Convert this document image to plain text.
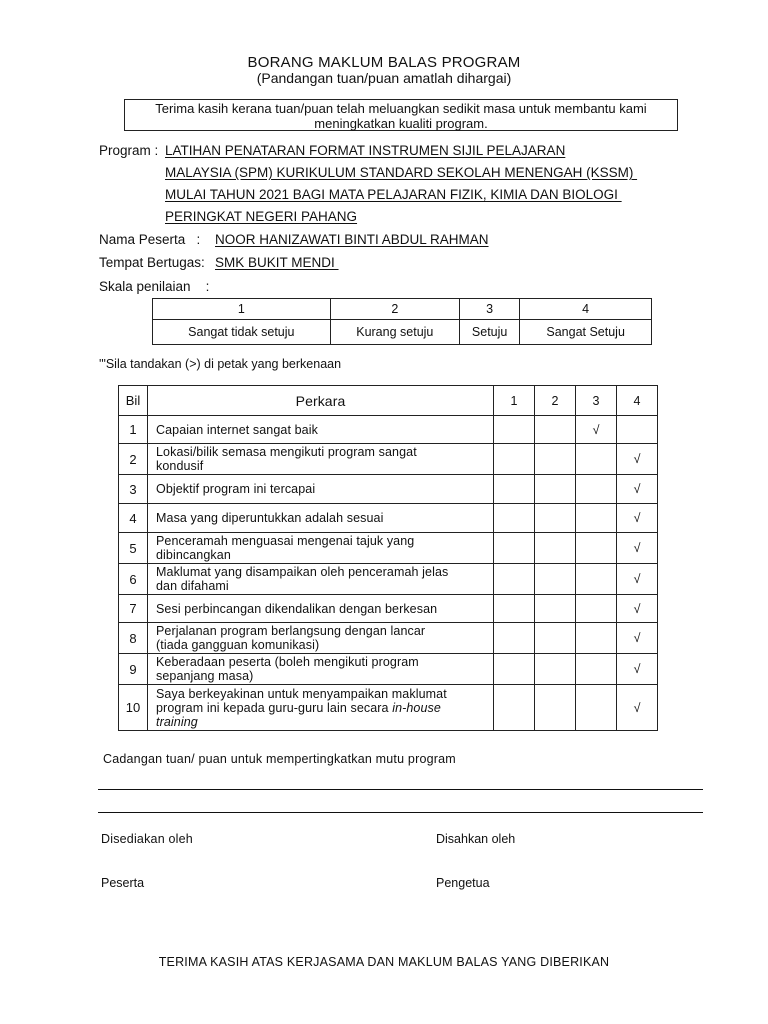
BORANG MAKLUM BALAS PROGRAM
(Pandangan tuan/puan amatlah dihargai)
Terima kasih kerana tuan/puan telah meluangkan sedikit masa untuk membantu kami
meningkatkan kualiti program.
Program : LATIHAN PENATARAN FORMAT INSTRUMEN SIJIL PELAJARAN
MALAYSIA (SPM) KURIKULUM STANDARD SEKOLAH MENENGAH (KSSM)
MULAI TAHUN 2021 BAGI MATA PELAJARAN FIZIK, KIMIA DAN BIOLOGI
PERINGKAT NEGERI PAHANG
Nama Peserta   : NOOR HANIZAWATI BINTI ABDUL RAHMAN
Tempat Bertugas: SMK BUKIT MENDI
Skala penilaian    :
1	2	3	4
Sangat tidak setuju	Kurang setuju	Setuju	Sangat Setuju
'"Sila tandakan (>) di petak yang berkenaan
Bil	Perkara	1	2	3	4
1	Capaian internet sangat baik			√	
2	Lokasi/bilik semasa mengikuti program sangat
kondusif				√
3	Objektif program ini tercapai				√
4	Masa yang diperuntukkan adalah sesuai				√
5	Penceramah menguasai mengenai tajuk yang
dibincangkan				√
6	Maklumat yang disampaikan oleh penceramah jelas
dan difahami				√
7	Sesi perbincangan dikendalikan dengan berkesan				√
8	Perjalanan program berlangsung dengan lancar
(tiada gangguan komunikasi)				√
9	Keberadaan peserta (boleh mengikuti program
sepanjang masa)				√
10	Saya berkeyakinan untuk menyampaikan maklumat
program ini kepada guru-guru lain secara in-house
training				√
Cadangan tuan/ puan untuk mempertingkatkan mutu program
Disediakan oleh	Disahkan oleh
Peserta	Pengetua
TERIMA KASIH ATAS KERJASAMA DAN MAKLUM BALAS YANG DIBERIKAN
